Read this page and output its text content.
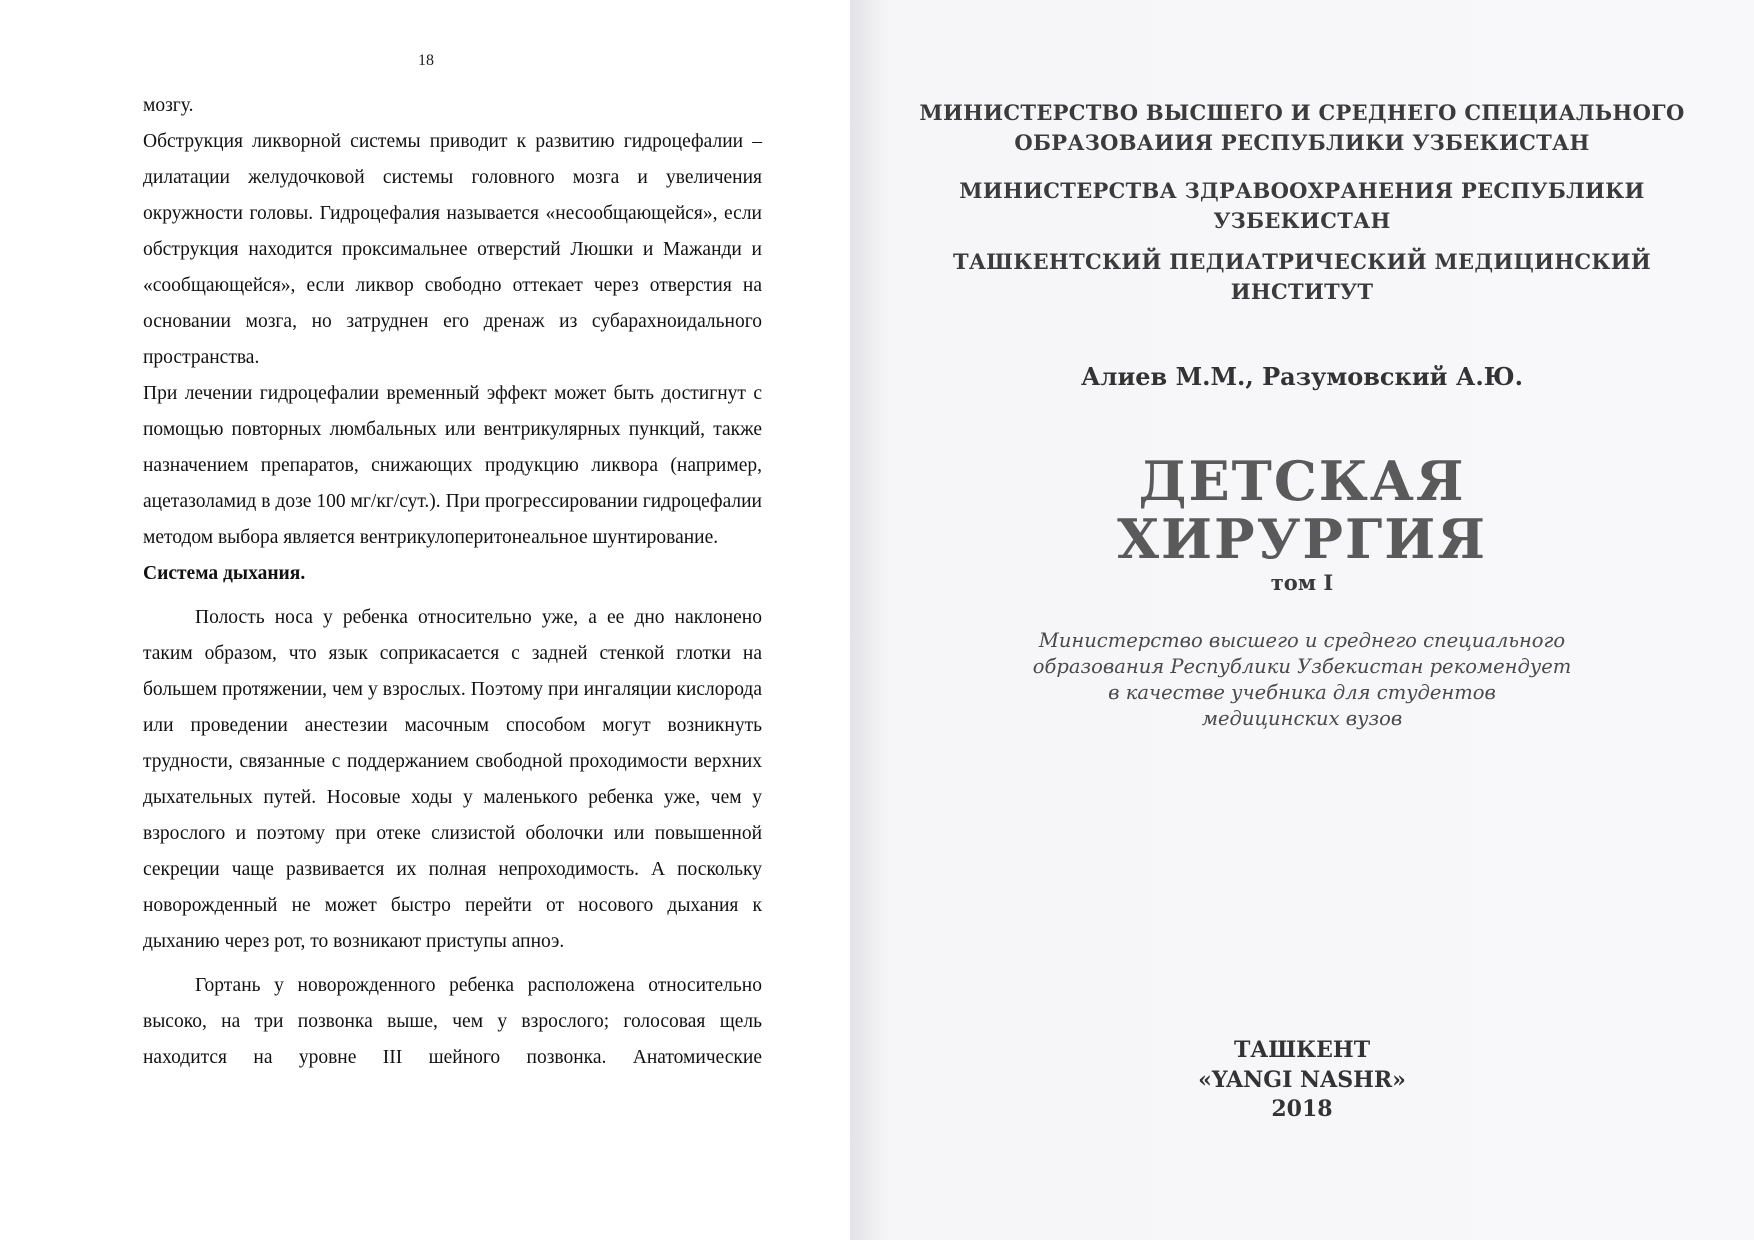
18

мозгу.

Обструкция ликворной системы приводит к развитию гидроцефалии – дилатации желудочковой системы головного мозга и увеличения окружности головы. Гидроцефалия называется «несообщающейся», если обструкция находится проксимальнее отверстий Люшки и Мажанди и «сообщающейся», если ликвор свободно оттекает через отверстия на основании мозга, но затруднен его дренаж из субарахноидального пространства.

При лечении гидроцефалии временный эффект может быть достигнут с помощью повторных люмбальных или вентрикулярных пункций, также назначением препаратов, снижающих продукцию ликвора (например, ацетазоламид в дозе 100 мг/кг/сут.). При прогрессировании гидроцефалии методом выбора является вентрикулоперитонеальное шунтирование.

Система дыхания.

Полость носа у ребенка относительно уже, а ее дно наклонено таким образом, что язык соприкасается с задней стенкой глотки на большем протяжении, чем у взрослых. Поэтому при ингаляции кислорода или проведении анестезии масочным способом могут возникнуть трудности, связанные с поддержанием свободной проходимости верхних дыхательных путей. Носовые ходы у маленького ребенка уже, чем у взрослого и поэтому при отеке слизистой оболочки или повышенной секреции чаще развивается их полная непроходимость. А поскольку новорожденный не может быстро перейти от носового дыхания к дыханию через рот, то возникают приступы апноэ.

Гортань у новорожденного ребенка расположена относительно высоко, на три позвонка выше, чем у взрослого; голосовая щель находится на уровне III шейного позвонка. Анатомические

МИНИСТЕРСТВО ВЫСШЕГО И СРЕДНЕГО СПЕЦИАЛЬНОГО
ОБРАЗОВАИИЯ РЕСПУБЛИКИ УЗБЕКИСТАН
МИНИСТЕРСТВА ЗДРАВООХРАНЕНИЯ РЕСПУБЛИКИ
УЗБЕКИСТАН
ТАШКЕНТСКИЙ ПЕДИАТРИЧЕСКИЙ МЕДИЦИНСКИЙ
ИНСТИТУТ
Алиев М.М., Разумовский А.Ю.
ДЕТСКАЯ
ХИРУРГИЯ
том I
Министерство высшего и среднего специального
образования Республики Узбекистан рекомендует
в качестве учебника для студентов
медицинских вузов
ТАШКЕНТ
«YANGI NASHR»
2018
